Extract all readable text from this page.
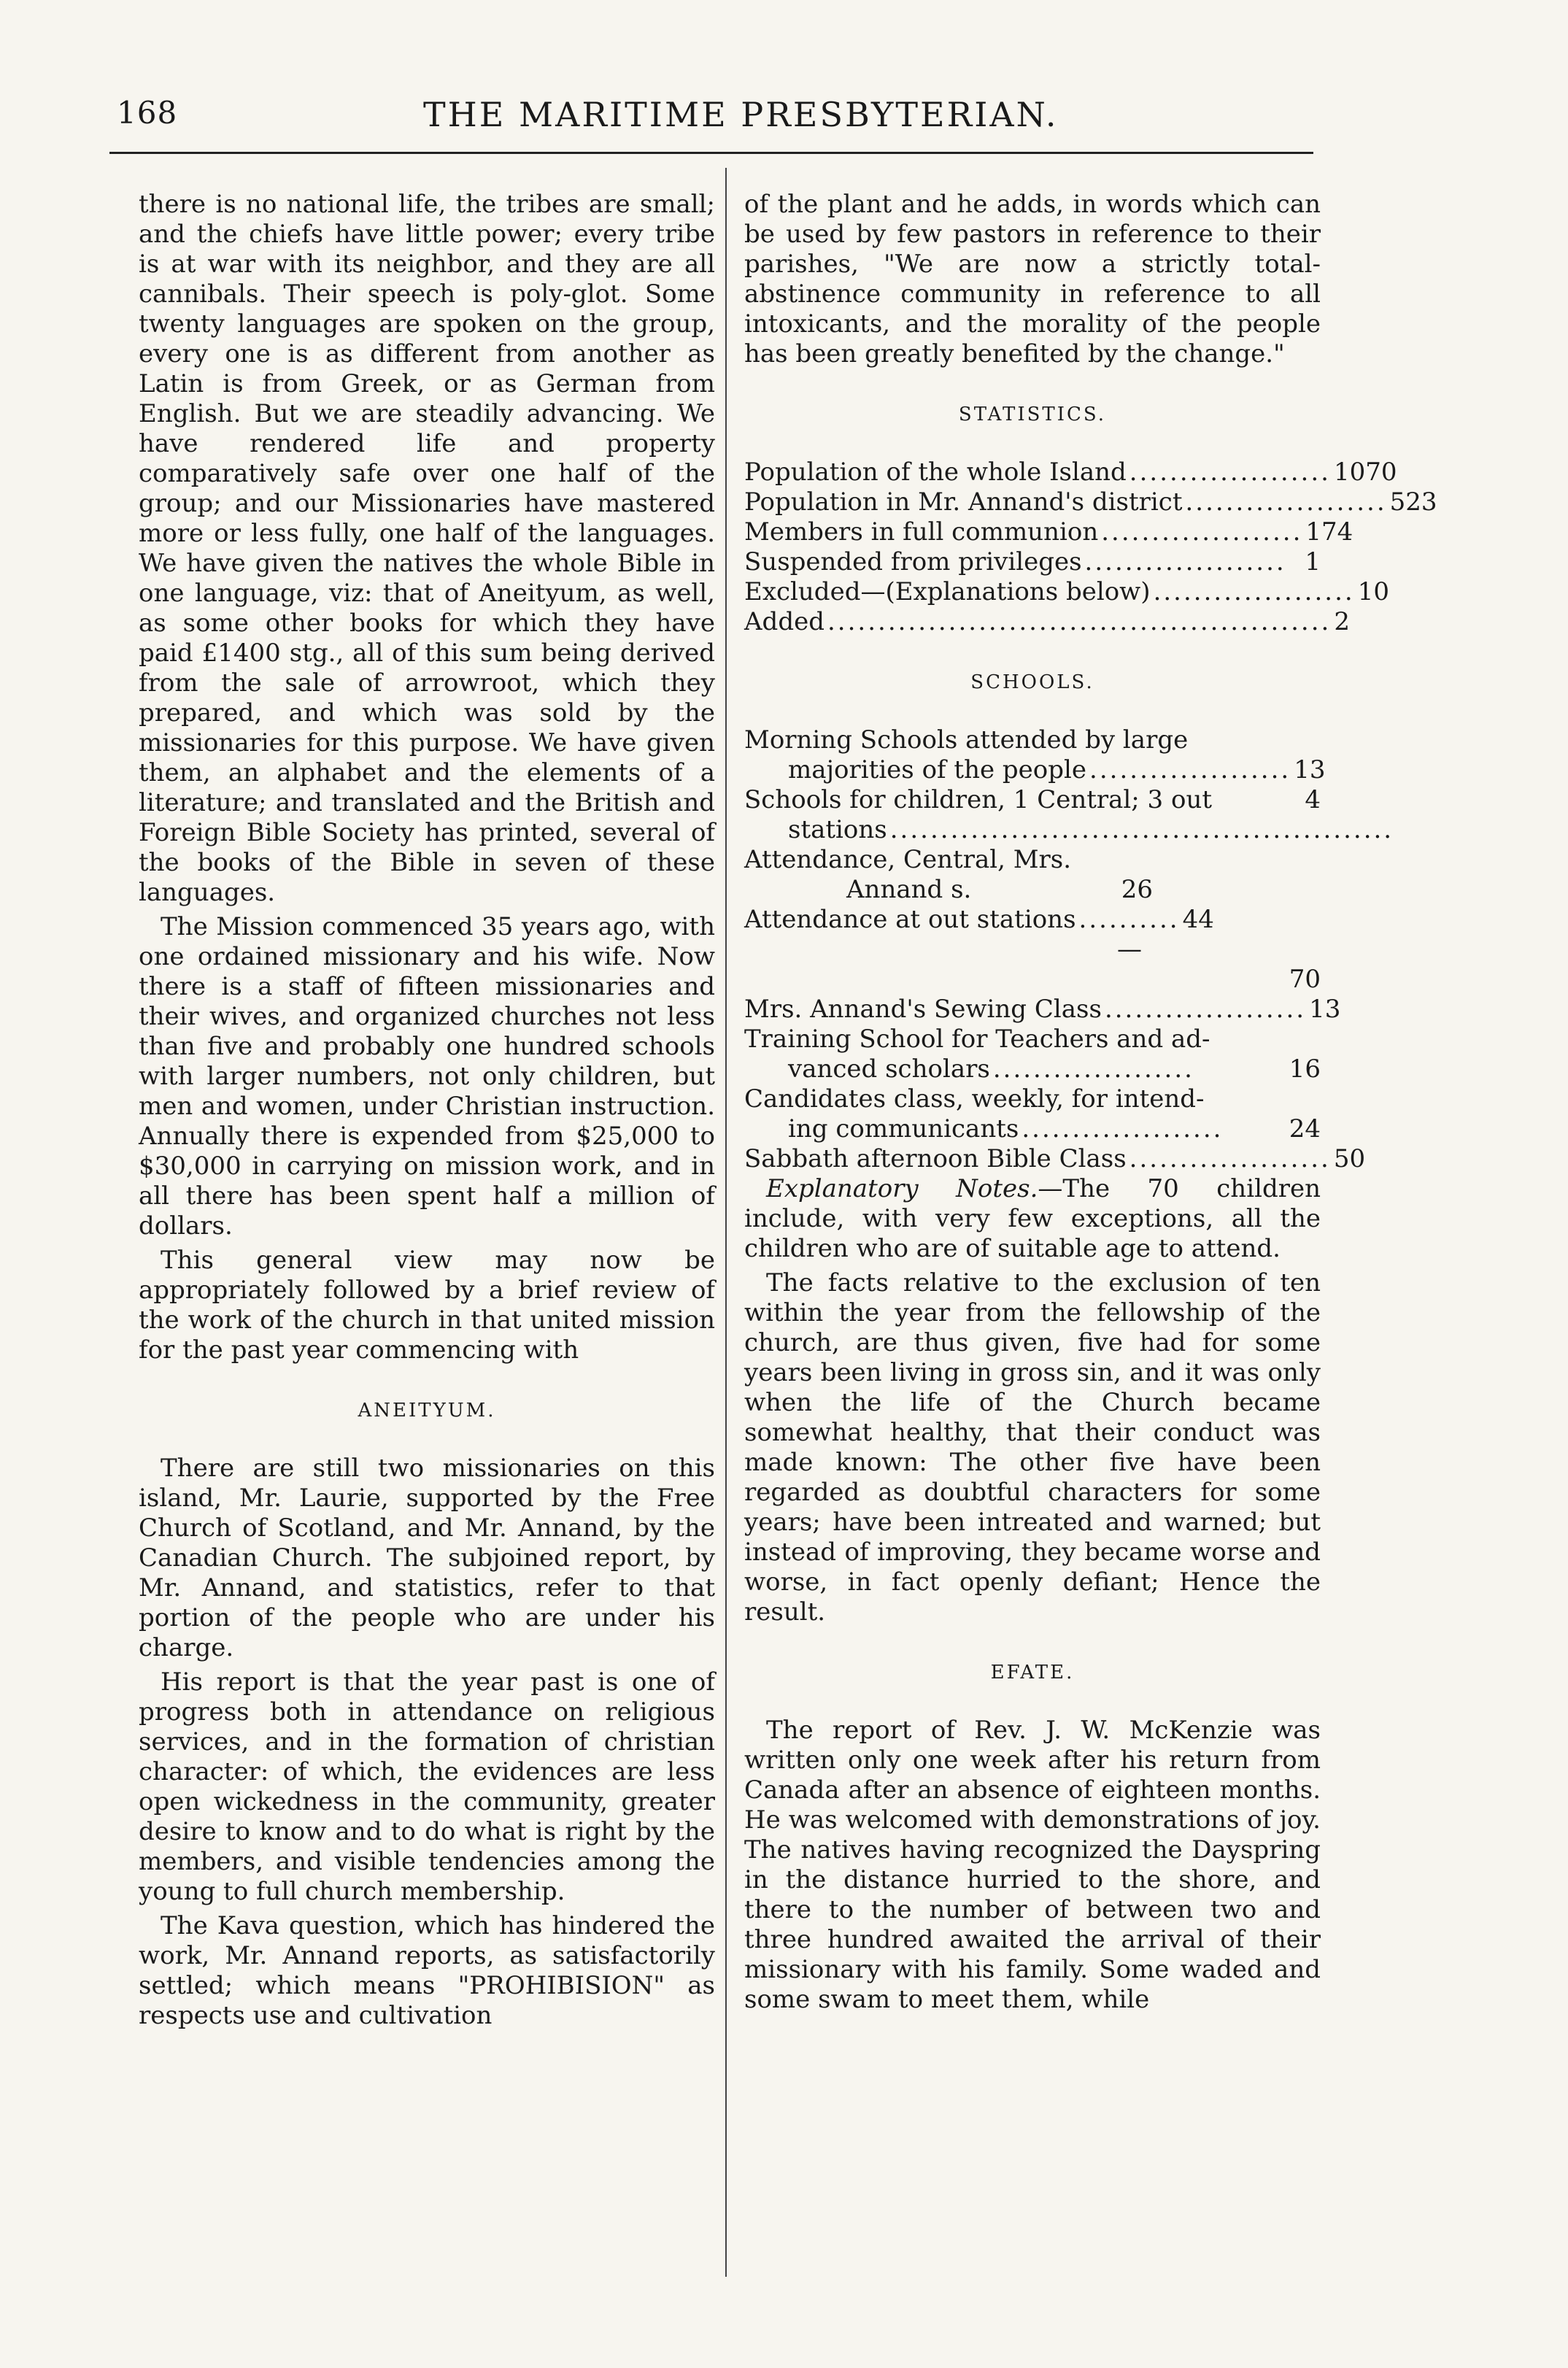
168	THE MARITIME PRESBYTERIAN.

there is no national life, the tribes are small; and the chiefs have little power; every tribe is at war with its neighbor, and they are all cannibals. Their speech is poly-glot. Some twenty languages are spoken on the group, every one is as different from another as Latin is from Greek, or as German from English. But we are steadily advancing. We have rendered life and property comparatively safe over one half of the group; and our Missionaries have mastered more or less fully, one half of the languages. We have given the natives the whole Bible in one language, viz: that of Aneityum, as well, as some other books for which they have paid £1400 stg., all of this sum being derived from the sale of arrowroot, which they prepared, and which was sold by the missionaries for this purpose. We have given them, an alphabet and the elements of a literature; and translated and the British and Foreign Bible Society has printed, several of the books of the Bible in seven of these languages.

The Mission commenced 35 years ago, with one ordained missionary and his wife. Now there is a staff of fifteen missionaries and their wives, and organized churches not less than five and probably one hundred schools with larger numbers, not only children, but men and women, under Christian instruction. Annually there is expended from $25,000 to $30,000 in carrying on mission work, and in all there has been spent half a million of dollars.

This general view may now be appropriately followed by a brief review of the work of the church in that united mission for the past year commencing with

ANEITYUM.

There are still two missionaries on this island, Mr. Laurie, supported by the Free Church of Scotland, and Mr. Annand, by the Canadian Church. The subjoined report, by Mr. Annand, and statistics, refer to that portion of the people who are under his charge.

His report is that the year past is one of progress both in attendance on religious services, and in the formation of christian character: of which, the evidences are less open wickedness in the community, greater desire to know and to do what is right by the members, and visible tendencies among the young to full church membership.

The Kava question, which has hindered the work, Mr. Annand reports, as satisfactorily settled; which means "PROHIBISION" as respects use and cultivation

of the plant and he adds, in words which can be used by few pastors in reference to their parishes, "We are now a strictly total-abstinence community in reference to all intoxicants, and the morality of the people has been greatly benefited by the change."

STATISTICS.
Population of the whole Island .................... 1070
Population in Mr. Annand's district .................... 523
Members in full communion .................... 174
Suspended from privileges .................... 1
Excluded—(Explanations below) .................... 10
Added .................................................. 2
SCHOOLS.
Morning Schools attended by large
majorities of the people .................... 13
Schools for children, 1 Central; 3 out	4
stations ..................................................
Attendance, Central, Mrs.
Annand s.	26
Attendance at out stations .......... 44
—
70
Mrs. Annand's Sewing Class .................... 13
Training School for Teachers and ad-
vanced scholars ....................	16
Candidates class, weekly, for intend-
ing communicants ....................	24
Sabbath afternoon Bible Class .................... 50

Explanatory Notes.—The 70 children include, with very few exceptions, all the children who are of suitable age to attend.

The facts relative to the exclusion of ten within the year from the fellowship of the church, are thus given, five had for some years been living in gross sin, and it was only when the life of the Church became somewhat healthy, that their conduct was made known: The other five have been regarded as doubtful characters for some years; have been intreated and warned; but instead of improving, they became worse and worse, in fact openly defiant; Hence the result.

EFATE.

The report of Rev. J. W. McKenzie was written only one week after his return from Canada after an absence of eighteen months. He was welcomed with demonstrations of joy. The natives having recognized the Dayspring in the distance hurried to the shore, and there to the number of between two and three hundred awaited the arrival of their missionary with his family. Some waded and some swam to meet them, while
